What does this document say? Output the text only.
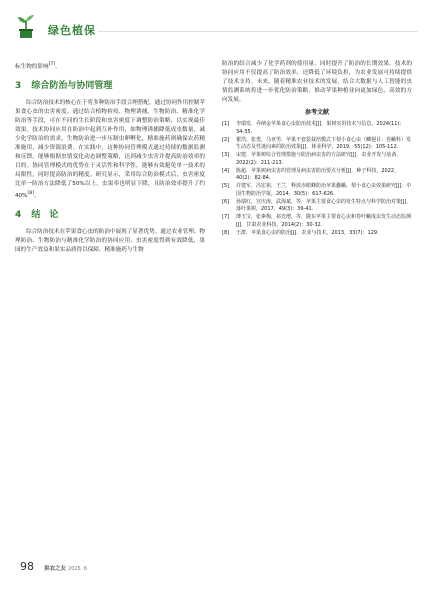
绿色植保

标生物的影响[7]。

3 综合防治与协同管理

综合防治技术的核心在于将多种防治手段合理搭配，通过协同作用控制苹果食心虫的虫害密度。通过结合植物检疫、物理诱捕、生物防治、精准化学防治等手段，可在不同的生长阶段和虫害密度下调整防治策略，以实现最佳效果。技术协同应用在防治中起到互补作用，如物理诱捕降低成虫数量，减少化学防治的需求，生物防治进一步压制虫卵孵化，精准施药则确保农药精准施用，减少资源浪费。在实践中，这种协同管理模式通过持续的数据监测和反馈，能够根据虫情变化动态调整策略，达到减少虫害并提高防治效率的目的。协同管理模式的优势在于灵活性和科学性，能够有效避免单一技术的局限性，同时提高防治的精度。研究显示，采用综合防治模式后，虫害密度比单一防治方法降低了50%以上，虫果率也明显下降，且防治效率提升了约40%[8]。

4 结　论

综合防治技术在苹果食心虫的防治中展现了显著优势。通过农业管理、物理防治、生物防治与精准化学防治的协同应用，虫害密度得到有效降低，果园的生产效益和果实品质得以保障。精准施药与生物

防治的结合减少了化学药剂的使用量，同时提升了防治的长期效果。技术的协同应用不仅提高了防治效率，还降低了环境负担，为农业发展可持续提供了技术支持。未来，随着精准农业技术的发展，结合大数据与人工智能的虫情监测系统将进一步优化防治策略，推动苹果种植业向更加绿色、高效的方向发展。

参考文献
[1]	李瑞发．乔纳金苹果食心虫防治技术[J]．果树实用技术与信息，2024(11)：34-35.
[2]	瞿浩，张勇，马亚男．苹果不套袋栽培模式下梨小食心虫（鳞翅目：卷蛾科）发生动态及性迷向素的防治效果[J]．林业科学，2019，55(12)：105-112.
[3]	宋建．苹果树综合管理措施与防治病虫害的方法研究[J]．农业开发与装备，2022(2)：211-213.
[4]	陈超．苹果树病虫害的管理及病虫害防治要点分析[J]．种子科技，2022，40(2)：82-84.
[5]	许建军，冯宏祖，王兰．释放赤眼蜂防治苹果蠹蛾、梨小食心虫效果研究[J]．中国生物防治学报，2014，30(5)：617-626.
[6]	孙瑞红，宫庆涛，武海斌，等．苹果主要食心虫的发生特点与科学防治对策[J]．落叶果树，2017，49(3)：39-41.
[7]	薄玉宝，张素梅，祁光增，等．陇东苹果主要食心虫和卷叶蛾成虫发生动态监测[J]．甘肃农业科技，2014(2)：30-32.
[8]	王群．苹果食心虫的防治[J]．农业与技术，2013，33(7)：129.
98 果农之友 2025. 6
